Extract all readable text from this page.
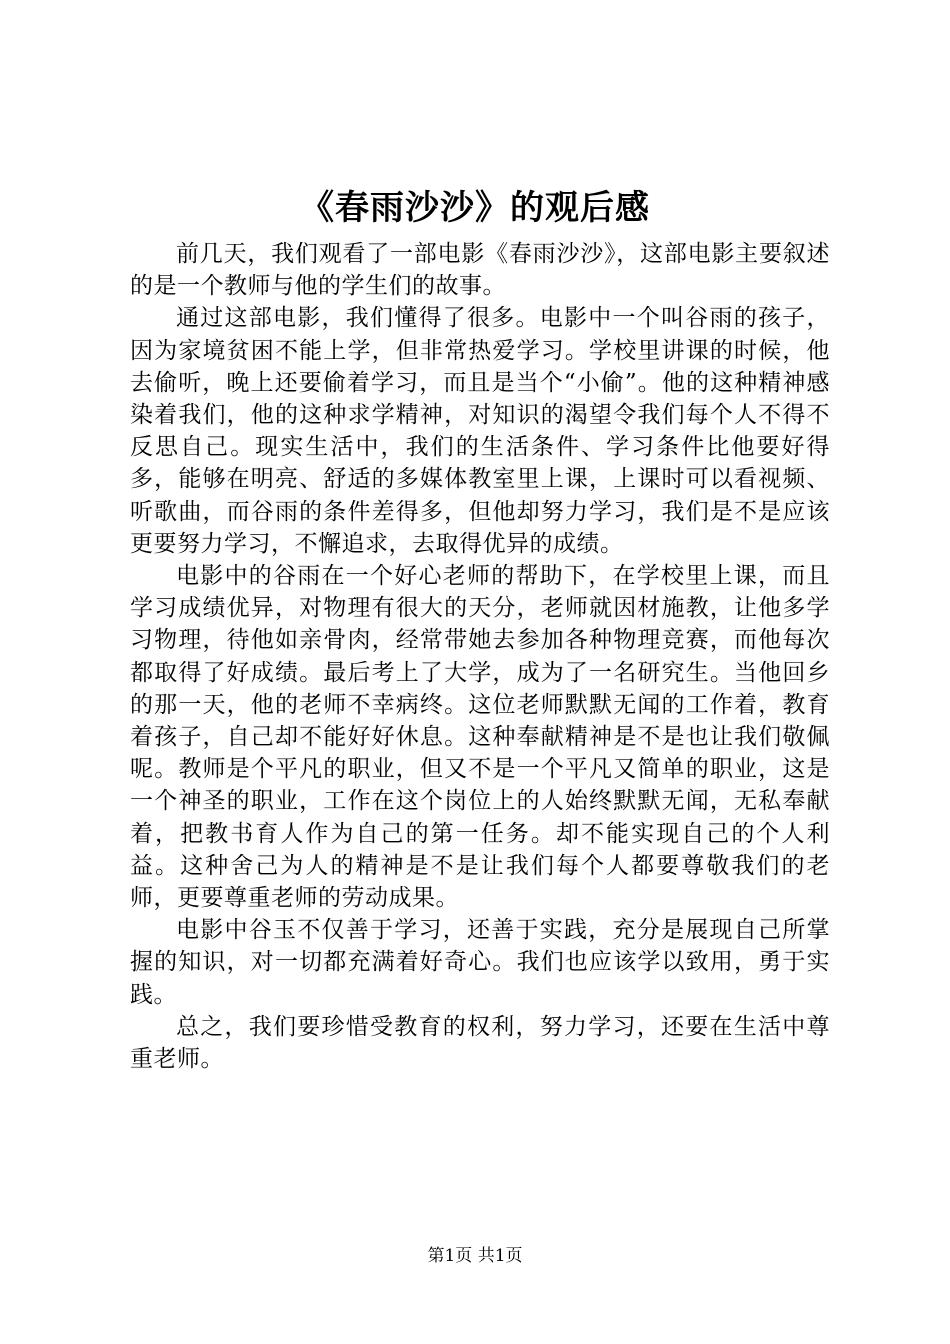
《春雨沙沙》的观后感

前几天，我们观看了一部电影《春雨沙沙》，这部电影主要叙述的是一个教师与他的学生们的故事。

通过这部电影，我们懂得了很多。电影中一个叫谷雨的孩子，因为家境贫困不能上学，但非常热爱学习。学校里讲课的时候，他去偷听，晚上还要偷着学习，而且是当个“小偷”。他的这种精神感染着我们，他的这种求学精神，对知识的渴望令我们每个人不得不反思自己。现实生活中，我们的生活条件、学习条件比他要好得多，能够在明亮、舒适的多媒体教室里上课，上课时可以看视频、听歌曲，而谷雨的条件差得多，但他却努力学习，我们是不是应该更要努力学习，不懈追求，去取得优异的成绩。

电影中的谷雨在一个好心老师的帮助下，在学校里上课，而且学习成绩优异，对物理有很大的天分，老师就因材施教，让他多学习物理，待他如亲骨肉，经常带她去参加各种物理竞赛，而他每次都取得了好成绩。最后考上了大学，成为了一名研究生。当他回乡的那一天，他的老师不幸病终。这位老师默默无闻的工作着，教育着孩子，自己却不能好好休息。这种奉献精神是不是也让我们敬佩呢。教师是个平凡的职业，但又不是一个平凡又简单的职业，这是一个神圣的职业，工作在这个岗位上的人始终默默无闻，无私奉献着，把教书育人作为自己的第一任务。却不能实现自己的个人利益。这种舍己为人的精神是不是让我们每个人都要尊敬我们的老师，更要尊重老师的劳动成果。

电影中谷玉不仅善于学习，还善于实践，充分是展现自己所掌握的知识，对一切都充满着好奇心。我们也应该学以致用，勇于实践。

总之，我们要珍惜受教育的权利，努力学习，还要在生活中尊重老师。

第1页 共1页
